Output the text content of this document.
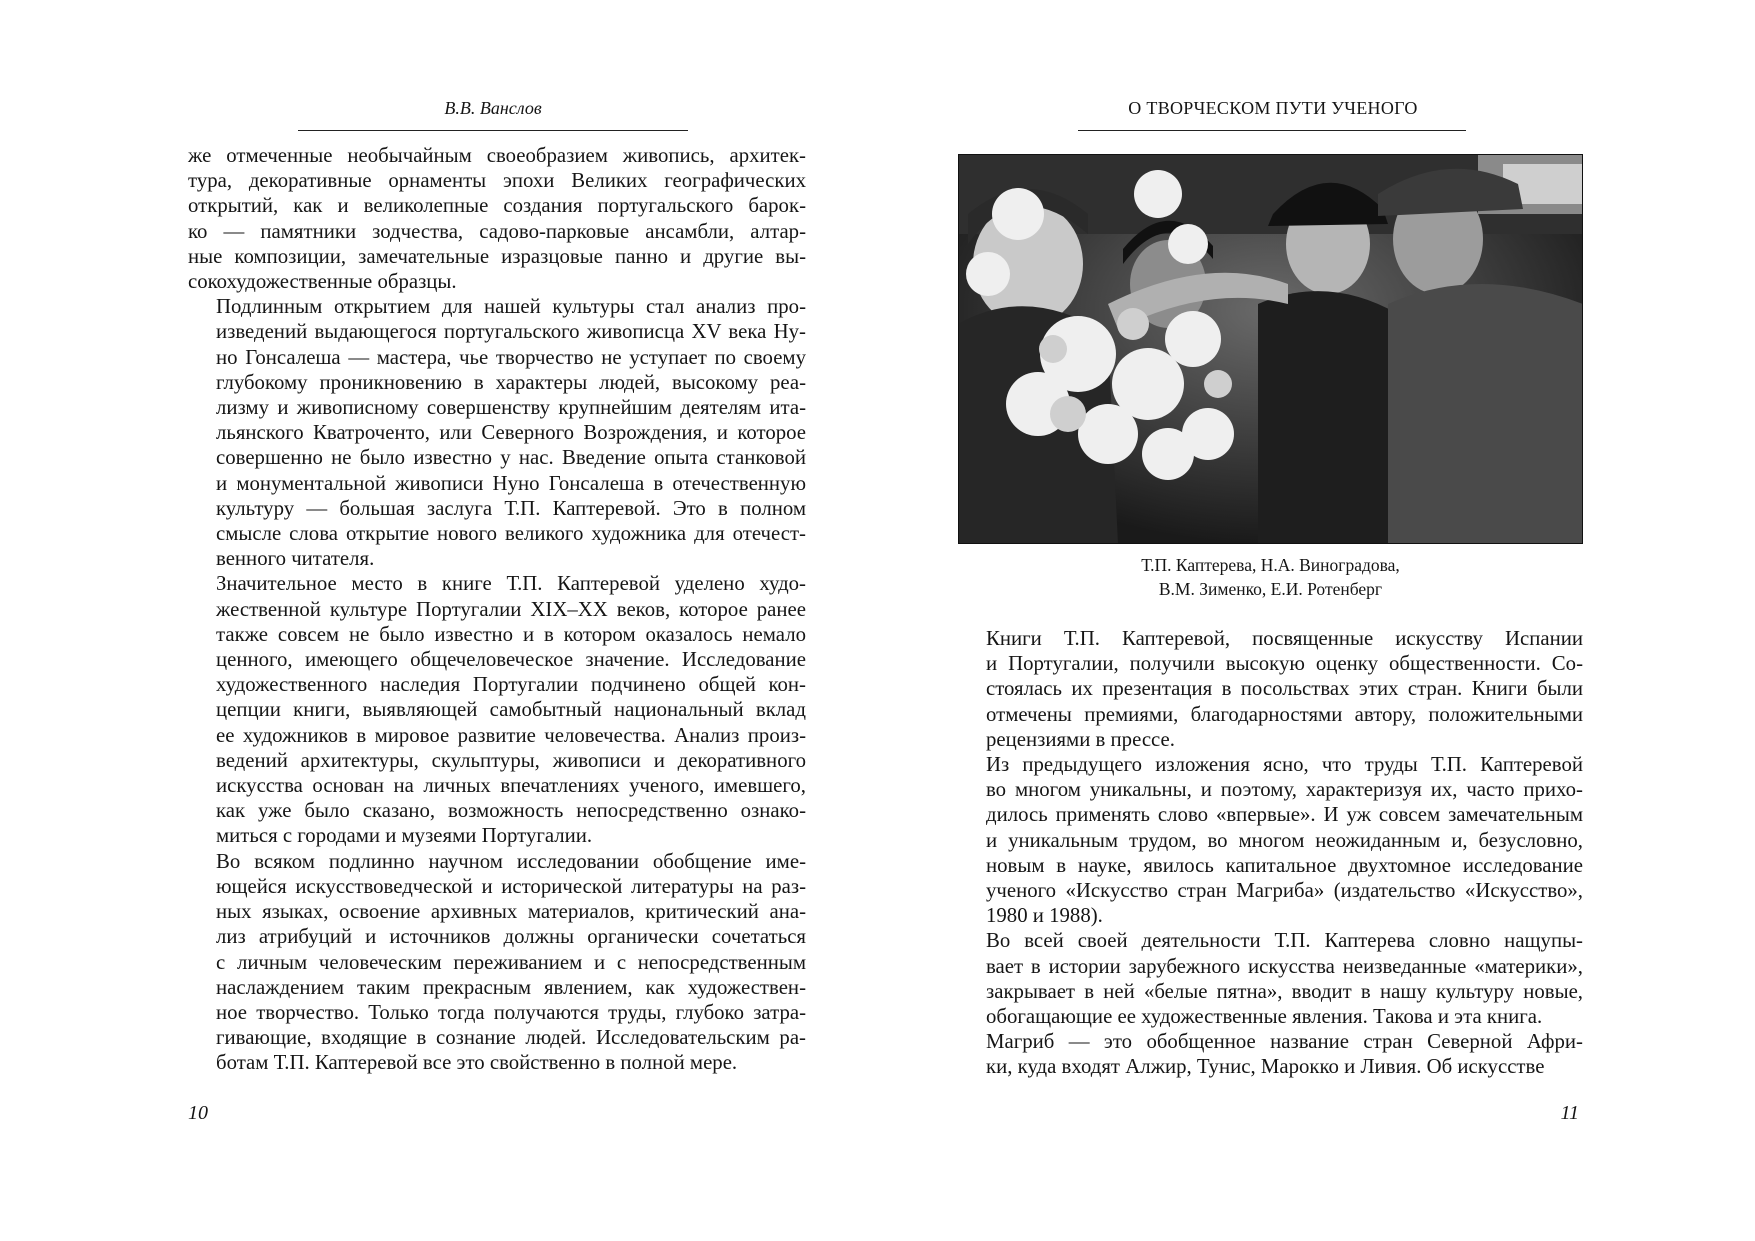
В.В. Ванслов

же отмеченные необычайным своеобразием живопись, архитек-
тура, декоративные орнаменты эпохи Великих географических
открытий, как и великолепные создания португальского барок-
ко — памятники зодчества, садово-парковые ансамбли, алтар-
ные композиции, замечательные изразцовые панно и другие вы-
сокохудожественные образцы.

Подлинным открытием для нашей культуры стал анализ про-
изведений выдающегося португальского живописца XV века Ну-
но Гонсалеша — мастера, чье творчество не уступает по своему
глубокому проникновению в характеры людей, высокому реа-
лизму и живописному совершенству крупнейшим деятелям ита-
льянского Кватроченто, или Северного Возрождения, и которое
совершенно не было известно у нас. Введение опыта станковой
и монументальной живописи Нуно Гонсалеша в отечественную
культуру — большая заслуга Т.П. Каптеревой. Это в полном
смысле слова открытие нового великого художника для отечест-
венного читателя.

Значительное место в книге Т.П. Каптеревой уделено худо-
жественной культуре Португалии XIX–XX веков, которое ранее
также совсем не было известно и в котором оказалось немало
ценного, имеющего общечеловеческое значение. Исследование
художественного наследия Португалии подчинено общей кон-
цепции книги, выявляющей самобытный национальный вклад
ее художников в мировое развитие человечества. Анализ произ-
ведений архитектуры, скульптуры, живописи и декоративного
искусства основан на личных впечатлениях ученого, имевшего,
как уже было сказано, возможность непосредственно ознако-
миться с городами и музеями Португалии.

Во всяком подлинно научном исследовании обобщение име-
ющейся искусствоведческой и исторической литературы на раз-
ных языках, освоение архивных материалов, критический ана-
лиз атрибуций и источников должны органически сочетаться
с личным человеческим переживанием и с непосредственным
наслаждением таким прекрасным явлением, как художествен-
ное творчество. Только тогда получаются труды, глубоко затра-
гивающие, входящие в сознание людей. Исследовательским ра-
ботам Т.П. Каптеревой все это свойственно в полной мере.

10
О ТВОРЧЕСКОМ ПУТИ УЧЕНОГО
Т.П. Каптерева, Н.А. Виноградова,
В.М. Зименко, Е.И. Ротенберг

Книги Т.П. Каптеревой, посвященные искусству Испании
и Португалии, получили высокую оценку общественности. Со-
стоялась их презентация в посольствах этих стран. Книги были
отмечены премиями, благодарностями автору, положительными
рецензиями в прессе.

Из предыдущего изложения ясно, что труды Т.П. Каптеревой
во многом уникальны, и поэтому, характеризуя их, часто прихо-
дилось применять слово «впервые». И уж совсем замечательным
и уникальным трудом, во многом неожиданным и, безусловно,
новым в науке, явилось капитальное двухтомное исследование
ученого «Искусство стран Магриба» (издательство «Искусство»,
1980 и 1988).

Во всей своей деятельности Т.П. Каптерева словно нащупы-
вает в истории зарубежного искусства неизведанные «материки»,
закрывает в ней «белые пятна», вводит в нашу культуру новые,
обогащающие ее художественные явления. Такова и эта книга.

Магриб — это обобщенное название стран Северной Афри-
ки, куда входят Алжир, Тунис, Марокко и Ливия. Об искусстве

11
